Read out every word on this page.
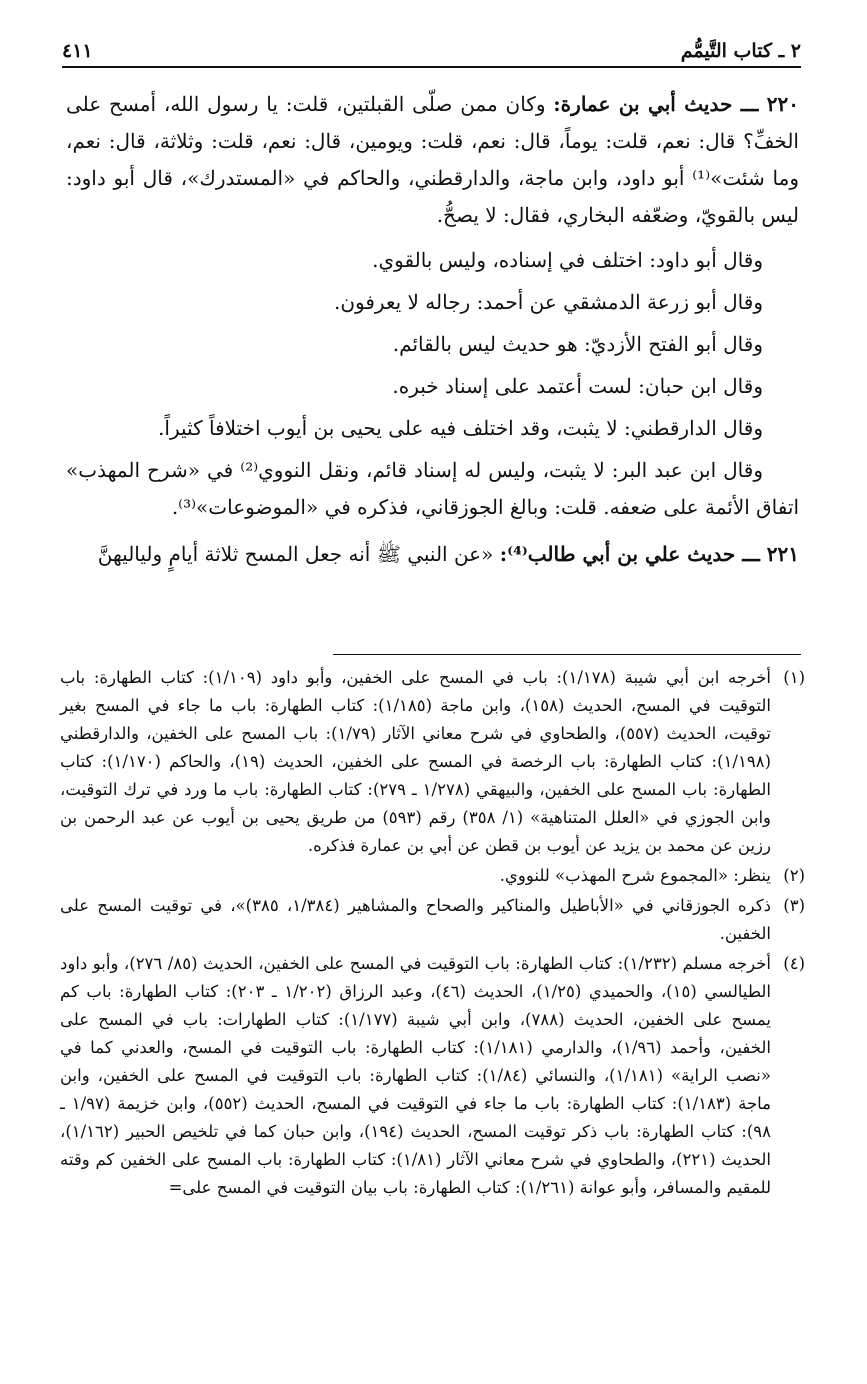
٢ ـ كتاب التَّيمُّم
٤١١

٢٢٠ ـــ حديث أبي بن عمارة: وكان ممن صلّى القبلتين، قلت: يا رسول الله، أمسح على الخفِّ؟ قال: نعم، قلت: يوماً، قال: نعم، قلت: ويومين، قال: نعم، قلت: وثلاثة، قال: نعم، وما شئت»⁽¹⁾ أبو داود، وابن ماجة، والدارقطني، والحاكم في «المستدرك»، قال أبو داود: ليس بالقويّ، وضعّفه البخاري، فقال: لا يصحُّ.

وقال أبو داود: اختلف في إسناده، وليس بالقوي.

وقال أبو زرعة الدمشقي عن أحمد: رجاله لا يعرفون.

وقال أبو الفتح الأزديّ: هو حديث ليس بالقائم.

وقال ابن حبان: لست أعتمد على إسناد خبره.

وقال الدارقطني: لا يثبت، وقد اختلف فيه على يحيى بن أيوب اختلافاً كثيراً.

وقال ابن عبد البر: لا يثبت، وليس له إسناد قائم، ونقل النووي⁽²⁾ في «شرح المهذب» اتفاق الأئمة على ضعفه. قلت: وبالغ الجوزقاني، فذكره في «الموضوعات»⁽³⁾.

٢٢١ ـــ حديث علي بن أبي طالب⁽⁴⁾: «عن النبي ﷺ أنه جعل المسح ثلاثة أيامٍ ولياليهنَّ

(١)
أخرجه ابن أبي شيبة (١/١٧٨): باب في المسح على الخفين، وأبو داود (١/١٠٩): كتاب الطهارة: باب التوقيت في المسح، الحديث (١٥٨)، وابن ماجة (١/١٨٥): كتاب الطهارة: باب ما جاء في المسح بغير توقيت، الحديث (٥٥٧)، والطحاوي في شرح معاني الآثار (١/٧٩): باب المسح على الخفين، والدارقطني (١/١٩٨): كتاب الطهارة: باب الرخصة في المسح على الخفين، الحديث (١٩)، والحاكم (١/١٧٠): كتاب الطهارة: باب المسح على الخفين، والبيهقي (١/٢٧٨ ـ ٢٧٩): كتاب الطهارة: باب ما ورد في ترك التوقيت، وابن الجوزي في «العلل المتناهية» (١/ ٣٥٨) رقم (٥٩٣) من طريق يحيى بن أيوب عن عبد الرحمن بن رزين عن محمد بن يزيد عن أيوب بن قطن عن أبي بن عمارة فذكره.
(٢)
ينظر: «المجموع شرح المهذب» للنووي.
(٣)
ذكره الجوزقاني في «الأباطيل والمناكير والصحاح والمشاهير (١/٣٨٤، ٣٨٥)»، في توقيت المسح على الخفين.
(٤)
أخرجه مسلم (١/٢٣٢): كتاب الطهارة: باب التوقيت في المسح على الخفين، الحديث (٨٥/ ٢٧٦)، وأبو داود الطيالسي (١٥)، والحميدي (١/٢٥)، الحديث (٤٦)، وعبد الرزاق (١/٢٠٢ ـ ٢٠٣): كتاب الطهارة: باب كم يمسح على الخفين، الحديث (٧٨٨)، وابن أبي شيبة (١/١٧٧): كتاب الطهارات: باب في المسح على الخفين، وأحمد (١/٩٦)، والدارمي (١/١٨١): كتاب الطهارة: باب التوقيت في المسح، والعدني كما في «نصب الراية» (١/١٨١)، والنسائي (١/٨٤): كتاب الطهارة: باب التوقيت في المسح على الخفين، وابن ماجة (١/١٨٣): كتاب الطهارة: باب ما جاء في التوقيت في المسح، الحديث (٥٥٢)، وابن خزيمة (١/٩٧ ـ ٩٨): كتاب الطهارة: باب ذكر توقيت المسح، الحديث (١٩٤)، وابن حبان كما في تلخيص الحبير (١/١٦٢)، الحديث (٢٢١)، والطحاوي في شرح معاني الآثار (١/٨١): كتاب الطهارة: باب المسح على الخفين كم وقته للمقيم والمسافر، وأبو عوانة (١/٢٦١): كتاب الطهارة: باب بيان التوقيت في المسح على=
